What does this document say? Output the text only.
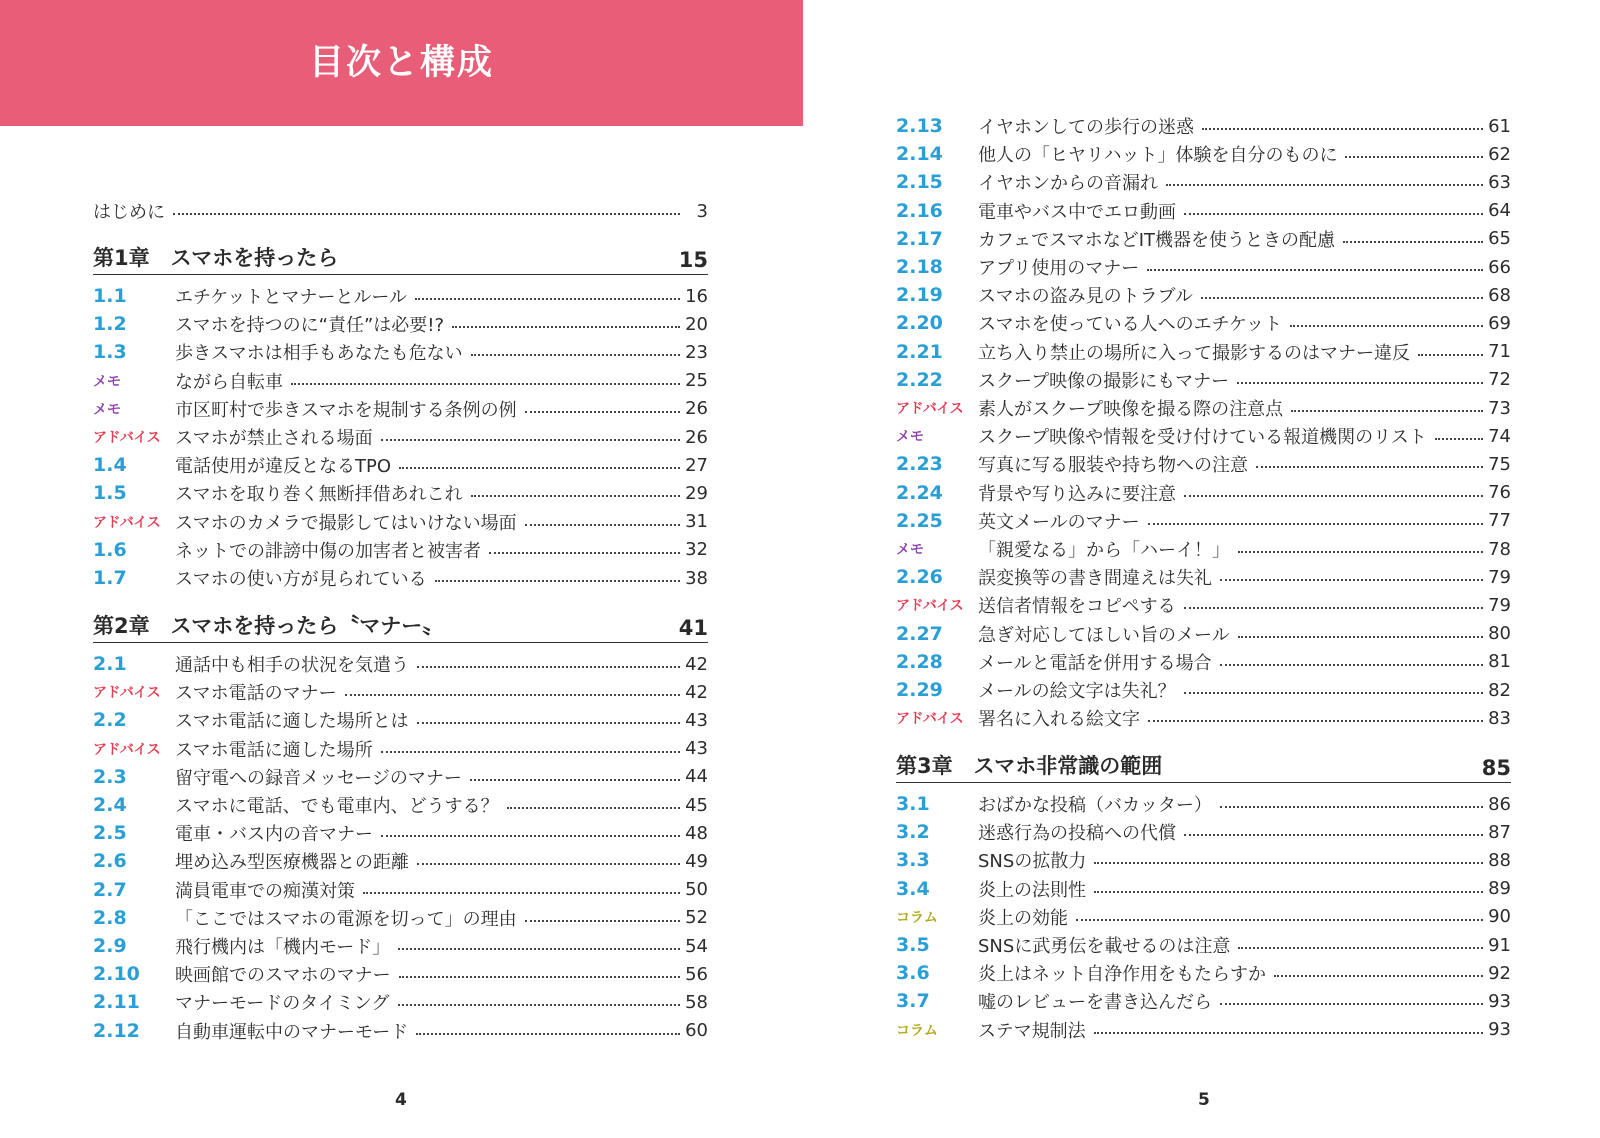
目次と構成
はじめに	3
第1章　スマホを持ったら	15
1.1	エチケットとマナーとルール	16
1.2	スマホを持つのに“責任”は必要!?	20
1.3	歩きスマホは相手もあなたも危ない	23
メモ	ながら自転車	25
メモ	市区町村で歩きスマホを規制する条例の例	26
アドバイス スマホが禁止される場面	26
1.4	電話使用が違反となるTPO	27
1.5	スマホを取り巻く無断拝借あれこれ	29
アドバイス スマホのカメラで撮影してはいけない場面	31
1.6	ネットでの誹謗中傷の加害者と被害者	32
1.7	スマホの使い方が見られている	38
第2章　スマホを持ったら〝マナー〟	41
2.1	通話中も相手の状況を気遣う	42
アドバイス スマホ電話のマナー	42
2.2	スマホ電話に適した場所とは	43
アドバイス スマホ電話に適した場所	43
2.3	留守電への録音メッセージのマナー	44
2.4	スマホに電話、でも電車内、どうする？	45
2.5	電車・バス内の音マナー	48
2.6	埋め込み型医療機器との距離	49
2.7	満員電車での痴漢対策	50
2.8	「ここではスマホの電源を切って」の理由	52
2.9	飛行機内は「機内モード」	54
2.10	映画館でのスマホのマナー	56
2.11	マナーモードのタイミング	58
2.12	自動車運転中のマナーモード	60
2.13	イヤホンしての歩行の迷惑	61
2.14	他人の「ヒヤリハット」体験を自分のものに	62
2.15	イヤホンからの音漏れ	63
2.16	電車やバス中でエロ動画	64
2.17	カフェでスマホなどIT機器を使うときの配慮	65
2.18	アプリ使用のマナー	66
2.19	スマホの盗み見のトラブル	68
2.20	スマホを使っている人へのエチケット	69
2.21	立ち入り禁止の場所に入って撮影するのはマナー違反	71
2.22	スクープ映像の撮影にもマナー	72
アドバイス 素人がスクープ映像を撮る際の注意点	73
メモ	スクープ映像や情報を受け付けている報道機関のリスト	74
2.23	写真に写る服装や持ち物への注意	75
2.24	背景や写り込みに要注意	76
2.25	英文メールのマナー	77
メモ	「親愛なる」から「ハーイ！」	78
2.26	誤変換等の書き間違えは失礼	79
アドバイス 送信者情報をコピペする	79
2.27	急ぎ対応してほしい旨のメール	80
2.28	メールと電話を併用する場合	81
2.29	メールの絵文字は失礼？	82
アドバイス 署名に入れる絵文字	83
第3章　スマホ非常識の範囲	85
3.1	おばかな投稿（バカッター）	86
3.2	迷惑行為の投稿への代償	87
3.3	SNSの拡散力	88
3.4	炎上の法則性	89
コラム	炎上の効能	90
3.5	SNSに武勇伝を載せるのは注意	91
3.6	炎上はネット自浄作用をもたらすか	92
3.7	嘘のレビューを書き込んだら	93
コラム	ステマ規制法	93
4	5
